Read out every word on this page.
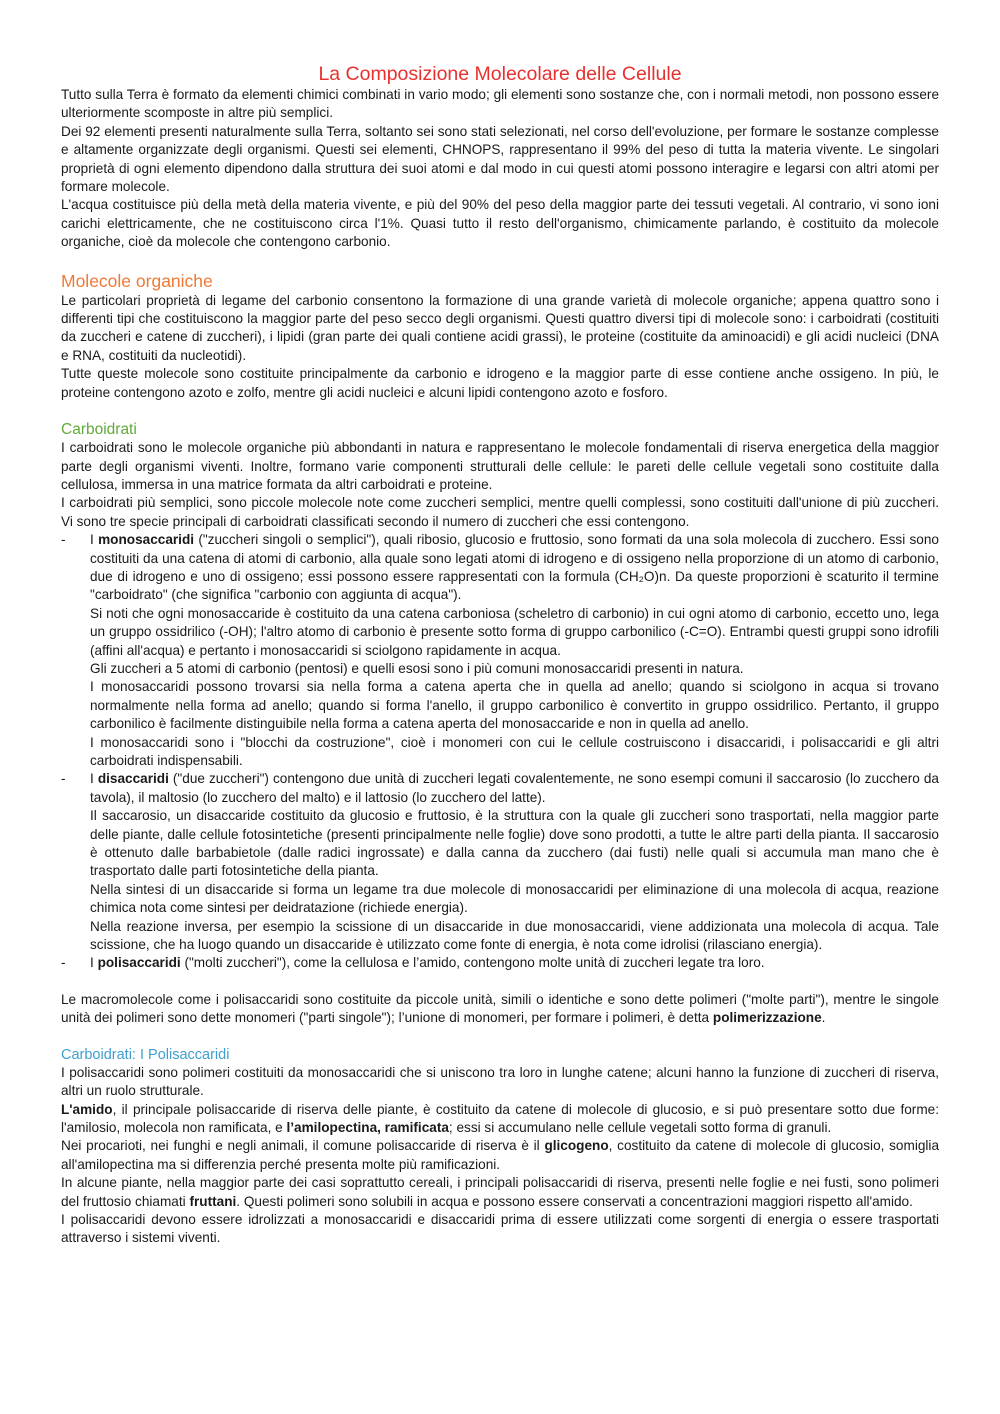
La Composizione Molecolare delle Cellule

Tutto sulla Terra è formato da elementi chimici combinati in vario modo; gli elementi sono sostanze che, con i normali metodi, non possono essere ulteriormente scomposte in altre più semplici.

Dei 92 elementi presenti naturalmente sulla Terra, soltanto sei sono stati selezionati, nel corso dell'evoluzione, per formare le sostanze complesse e altamente organizzate degli organismi. Questi sei elementi, CHNOPS, rappresentano il 99% del peso di tutta la materia vivente. Le singolari proprietà di ogni elemento dipendono dalla struttura dei suoi atomi e dal modo in cui questi atomi possono interagire e legarsi con altri atomi per formare molecole.

L'acqua costituisce più della metà della materia vivente, e più del 90% del peso della maggior parte dei tessuti vegetali. Al contrario, vi sono ioni carichi elettricamente, che ne costituiscono circa l'1%. Quasi tutto il resto dell'organismo, chimicamente parlando, è costituito da molecole organiche, cioè da molecole che contengono carbonio.

Molecole organiche

Le particolari proprietà di legame del carbonio consentono la formazione di una grande varietà di molecole organiche; appena quattro sono i differenti tipi che costituiscono la maggior parte del peso secco degli organismi. Questi quattro diversi tipi di molecole sono: i carboidrati (costituiti da zuccheri e catene di zuccheri), i lipidi (gran parte dei quali contiene acidi grassi), le proteine (costituite da aminoacidi) e gli acidi nucleici (DNA e RNA, costituiti da nucleotidi).

Tutte queste molecole sono costituite principalmente da carbonio e idrogeno e la maggior parte di esse contiene anche ossigeno. In più, le proteine contengono azoto e zolfo, mentre gli acidi nucleici e alcuni lipidi contengono azoto e fosforo.

Carboidrati

I carboidrati sono le molecole organiche più abbondanti in natura e rappresentano le molecole fondamentali di riserva energetica della maggior parte degli organismi viventi. Inoltre, formano varie componenti strutturali delle cellule: le pareti delle cellule vegetali sono costituite dalla cellulosa, immersa in una matrice formata da altri carboidrati e proteine.

I carboidrati più semplici, sono piccole molecole note come zuccheri semplici, mentre quelli complessi, sono costituiti dall'unione di più zuccheri. Vi sono tre specie principali di carboidrati classificati secondo il numero di zuccheri che essi contengono.

- I monosaccaridi ("zuccheri singoli o semplici"), quali ribosio, glucosio e fruttosio, sono formati da una sola molecola di zucchero. Essi sono costituiti da una catena di atomi di carbonio, alla quale sono legati atomi di idrogeno e di ossigeno nella proporzione di un atomo di carbonio, due di idrogeno e uno di ossigeno; essi possono essere rappresentati con la formula (CH₂O)n. Da queste proporzioni è scaturito il termine "carboidrato" (che significa "carbonio con aggiunta di acqua").

Si noti che ogni monosaccaride è costituito da una catena carboniosa (scheletro di carbonio) in cui ogni atomo di carbonio, eccetto uno, lega un gruppo ossidrilico (-OH); l'altro atomo di carbonio è presente sotto forma di gruppo carbonilico (-C=O). Entrambi questi gruppi sono idrofili (affini all'acqua) e pertanto i monosaccaridi si sciolgono rapidamente in acqua.

Gli zuccheri a 5 atomi di carbonio (pentosi) e quelli esosi sono i più comuni monosaccaridi presenti in natura.

I monosaccaridi possono trovarsi sia nella forma a catena aperta che in quella ad anello; quando si sciolgono in acqua si trovano normalmente nella forma ad anello; quando si forma l'anello, il gruppo carbonilico è convertito in gruppo ossidrilico. Pertanto, il gruppo carbonilico è facilmente distinguibile nella forma a catena aperta del monosaccaride e non in quella ad anello.

I monosaccaridi sono i "blocchi da costruzione", cioè i monomeri con cui le cellule costruiscono i disaccaridi, i polisaccaridi e gli altri carboidrati indispensabili.

- I disaccaridi ("due zuccheri") contengono due unità di zuccheri legati covalentemente, ne sono esempi comuni il saccarosio (lo zucchero da tavola), il maltosio (lo zucchero del malto) e il lattosio (lo zucchero del latte).

Il saccarosio, un disaccaride costituito da glucosio e fruttosio, è la struttura con la quale gli zuccheri sono trasportati, nella maggior parte delle piante, dalle cellule fotosintetiche (presenti principalmente nelle foglie) dove sono prodotti, a tutte le altre parti della pianta. Il saccarosio è ottenuto dalle barbabietole (dalle radici ingrossate) e dalla canna da zucchero (dai fusti) nelle quali si accumula man mano che è trasportato dalle parti fotosintetiche della pianta.

Nella sintesi di un disaccaride si forma un legame tra due molecole di monosaccaridi per eliminazione di una molecola di acqua, reazione chimica nota come sintesi per deidratazione (richiede energia).

Nella reazione inversa, per esempio la scissione di un disaccaride in due monosaccaridi, viene addizionata una molecola di acqua. Tale scissione, che ha luogo quando un disaccaride è utilizzato come fonte di energia, è nota come idrolisi (rilasciano energia).

- I polisaccaridi ("molti zuccheri"), come la cellulosa e l’amido, contengono molte unità di zuccheri legate tra loro.

Le macromolecole come i polisaccaridi sono costituite da piccole unità, simili o identiche e sono dette polimeri ("molte parti"), mentre le singole unità dei polimeri sono dette monomeri ("parti singole"); l’unione di monomeri, per formare i polimeri, è detta polimerizzazione.

Carboidrati: I Polisaccaridi

I polisaccaridi sono polimeri costituiti da monosaccaridi che si uniscono tra loro in lunghe catene; alcuni hanno la funzione di zuccheri di riserva, altri un ruolo strutturale.

L'amido, il principale polisaccaride di riserva delle piante, è costituito da catene di molecole di glucosio, e si può presentare sotto due forme: l'amilosio, molecola non ramificata, e l’amilopectina, ramificata; essi si accumulano nelle cellule vegetali sotto forma di granuli.

Nei procarioti, nei funghi e negli animali, il comune polisaccaride di riserva è il glicogeno, costituito da catene di molecole di glucosio, somiglia all'amilopectina ma si differenzia perché presenta molte più ramificazioni.

In alcune piante, nella maggior parte dei casi soprattutto cereali, i principali polisaccaridi di riserva, presenti nelle foglie e nei fusti, sono polimeri del fruttosio chiamati fruttani. Questi polimeri sono solubili in acqua e possono essere conservati a concentrazioni maggiori rispetto all'amido.

I polisaccaridi devono essere idrolizzati a monosaccaridi e disaccaridi prima di essere utilizzati come sorgenti di energia o essere trasportati attraverso i sistemi viventi.
